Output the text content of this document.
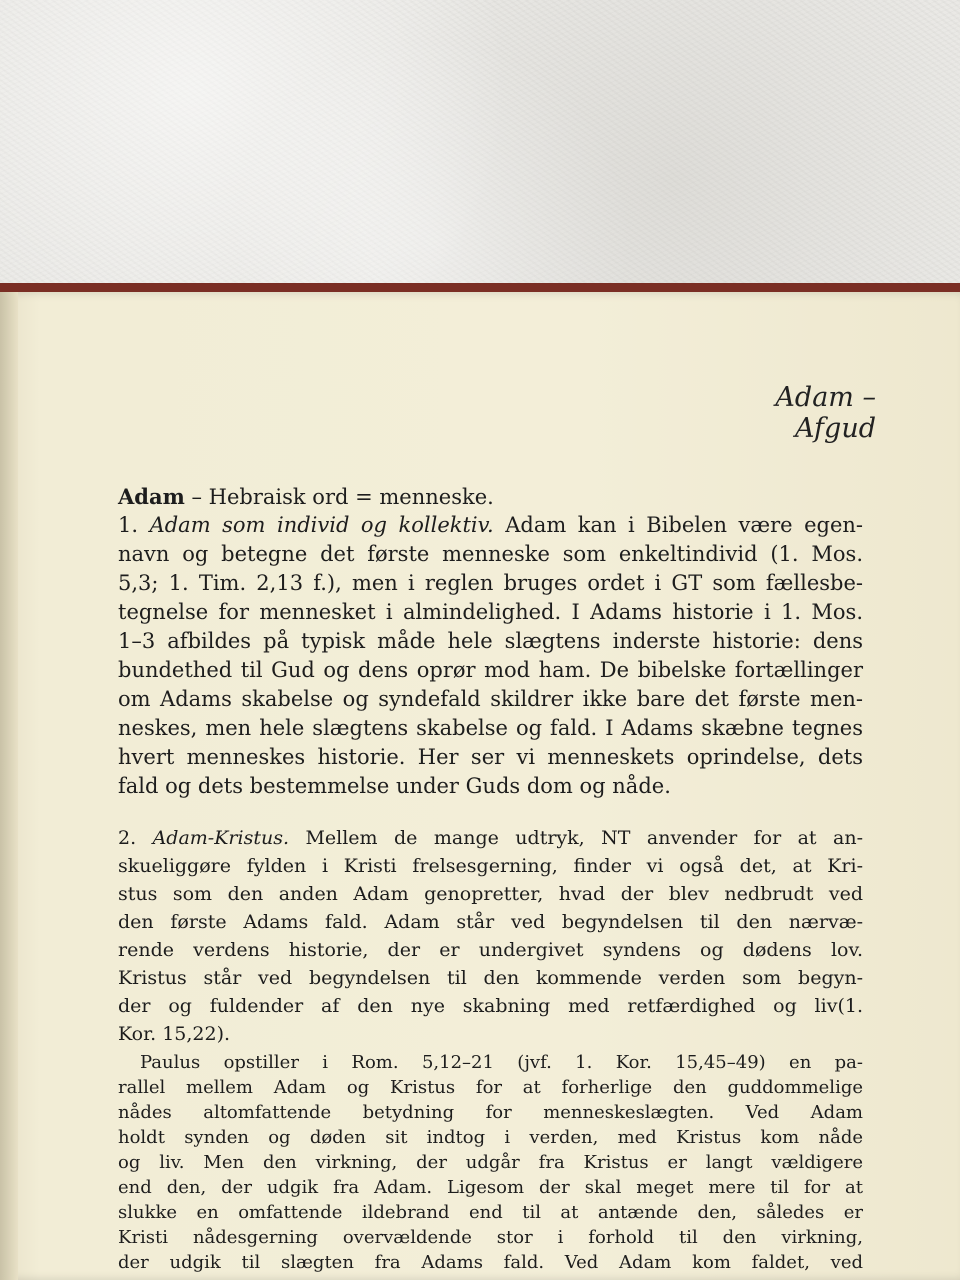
Adam – Afgud
Adam – Hebraisk ord = menneske.
1. Adam som individ og kollektiv. Adam kan i Bibelen være egen-
navn og betegne det første menneske som enkeltindivid (1. Mos.
5,3; 1. Tim. 2,13 f.), men i reglen bruges ordet i GT som fællesbe-
tegnelse for mennesket i almindelighed. I Adams historie i 1. Mos.
1–3 afbildes på typisk måde hele slægtens inderste historie: dens
bundethed til Gud og dens oprør mod ham. De bibelske fortællinger
om Adams skabelse og syndefald skildrer ikke bare det første men-
neskes, men hele slægtens skabelse og fald. I Adams skæbne tegnes
hvert menneskes historie. Her ser vi menneskets oprindelse, dets
fald og dets bestemmelse under Guds dom og nåde.
2. Adam-Kristus. Mellem de mange udtryk, NT anvender for at an-
skueliggøre fylden i Kristi frelsesgerning, finder vi også det, at Kri-
stus som den anden Adam genopretter, hvad der blev nedbrudt ved
den første Adams fald. Adam står ved begyndelsen til den nærvæ-
rende verdens historie, der er undergivet syndens og dødens lov.
Kristus står ved begyndelsen til den kommende verden som begyn-
der og fuldender af den nye skabning med retfærdighed og liv(1.
Kor. 15,22).
Paulus opstiller i Rom. 5,12–21 (jvf. 1. Kor. 15,45–49) en pa-
rallel mellem Adam og Kristus for at forherlige den guddommelige
nådes altomfattende betydning for menneskeslægten. Ved Adam
holdt synden og døden sit indtog i verden, med Kristus kom nåde
og liv. Men den virkning, der udgår fra Kristus er langt vældigere
end den, der udgik fra Adam. Ligesom der skal meget mere til for at
slukke en omfattende ildebrand end til at antænde den, således er
Kristi nådesgerning overvældende stor i forhold til den virkning,
der udgik til slægten fra Adams fald. Ved Adam kom faldet, ved
